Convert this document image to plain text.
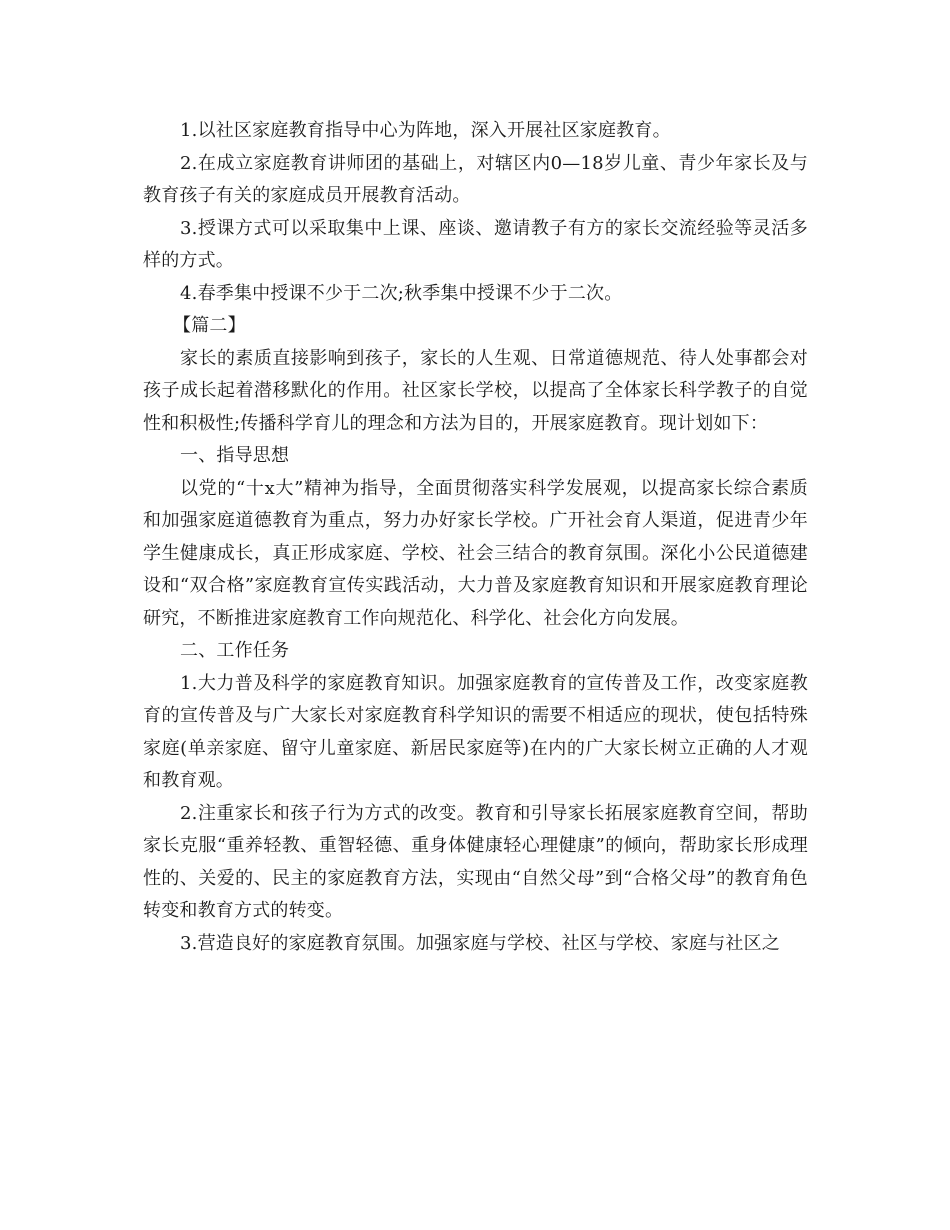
1.以社区家庭教育指导中心为阵地，深入开展社区家庭教育。

2.在成立家庭教育讲师团的基础上，对辖区内0—18岁儿童、青少年家长及与教育孩子有关的家庭成员开展教育活动。

3.授课方式可以采取集中上课、座谈、邀请教子有方的家长交流经验等灵活多样的方式。

4.春季集中授课不少于二次;秋季集中授课不少于二次。

【篇二】

家长的素质直接影响到孩子，家长的人生观、日常道德规范、待人处事都会对孩子成长起着潜移默化的作用。社区家长学校，以提高了全体家长科学教子的自觉性和积极性;传播科学育儿的理念和方法为目的，开展家庭教育。现计划如下：

一、指导思想

以党的“十x大”精神为指导，全面贯彻落实科学发展观，以提高家长综合素质和加强家庭道德教育为重点，努力办好家长学校。广开社会育人渠道，促进青少年学生健康成长，真正形成家庭、学校、社会三结合的教育氛围。深化小公民道德建设和“双合格”家庭教育宣传实践活动，大力普及家庭教育知识和开展家庭教育理论研究，不断推进家庭教育工作向规范化、科学化、社会化方向发展。

二、工作任务

1.大力普及科学的家庭教育知识。加强家庭教育的宣传普及工作，改变家庭教育的宣传普及与广大家长对家庭教育科学知识的需要不相适应的现状，使包括特殊家庭(单亲家庭、留守儿童家庭、新居民家庭等)在内的广大家长树立正确的人才观和教育观。

2.注重家长和孩子行为方式的改变。教育和引导家长拓展家庭教育空间，帮助家长克服“重养轻教、重智轻德、重身体健康轻心理健康”的倾向，帮助家长形成理性的、关爱的、民主的家庭教育方法，实现由“自然父母”到“合格父母”的教育角色转变和教育方式的转变。

3.营造良好的家庭教育氛围。加强家庭与学校、社区与学校、家庭与社区之
